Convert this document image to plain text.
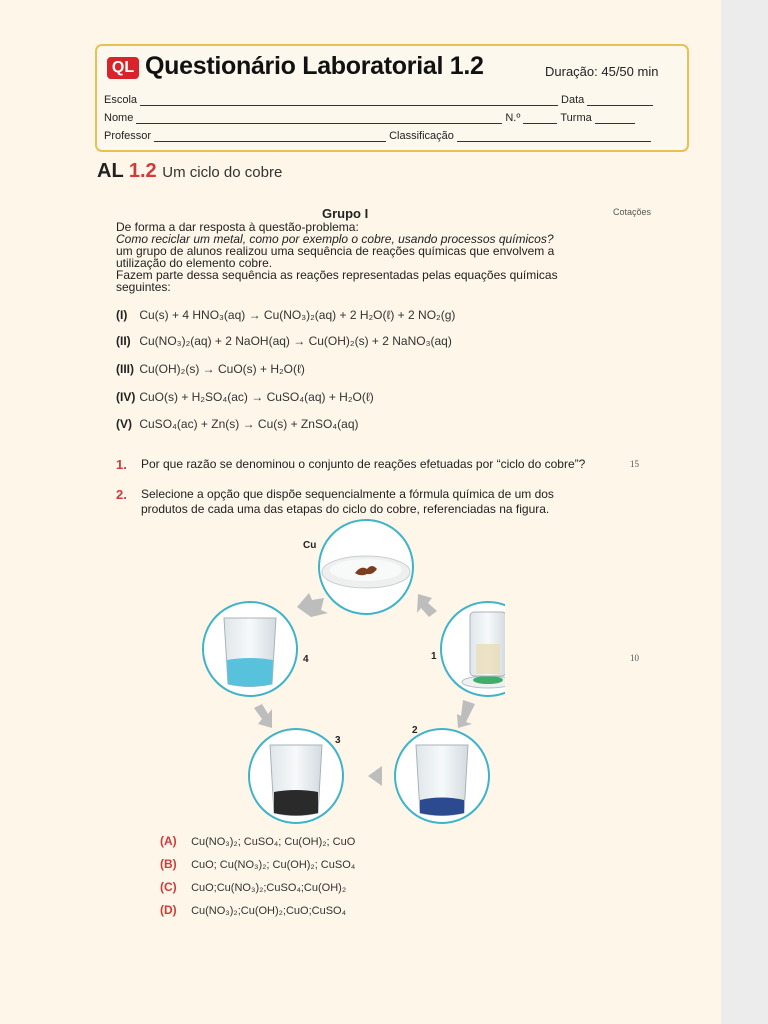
QL Questionário Laboratorial 1.2	Duração: 45/50 min
Escola	Data
Nome	N.º	Turma
Professor	Classificação
AL 1.2 Um ciclo do cobre
Grupo I	Cotações
De forma a dar resposta à questão-problema:
Como reciclar um metal, como por exemplo o cobre, usando processos químicos?
um grupo de alunos realizou uma sequência de reações químicas que envolvem a utilização do elemento cobre.
Fazem parte dessa sequência as reações representadas pelas equações químicas seguintes:
(I) Cu(s) + 4 HNO₃(aq) → Cu(NO₃)₂(aq) + 2 H₂O(ℓ) + 2 NO₂(g)
(II) Cu(NO₃)₂(aq) + 2 NaOH(aq) → Cu(OH)₂(s) + 2 NaNO₃(aq)
(III) Cu(OH)₂(s) → CuO(s) + H₂O(ℓ)
(IV) CuO(s) + H₂SO₄(ac) → CuSO₄(aq) + H₂O(ℓ)
(V) CuSO₄(ac) + Zn(s) → Cu(s) + ZnSO₄(aq)
1. Por que razão se denominou o conjunto de reações efetuadas por “ciclo do cobre”?	15
2. Selecione a opção que dispõe sequencialmente a fórmula química de um dos produtos de cada uma das etapas do ciclo do cobre, referenciadas na figura.
10
Cu
1
2
3
4
(A) Cu(NO₃)₂; CuSO₄; Cu(OH)₂; CuO
(B) CuO; Cu(NO₃)₂; Cu(OH)₂; CuSO₄
(C) CuO;Cu(NO₃)₂;CuSO₄;Cu(OH)₂
(D) Cu(NO₃)₂;Cu(OH)₂;CuO;CuSO₄
